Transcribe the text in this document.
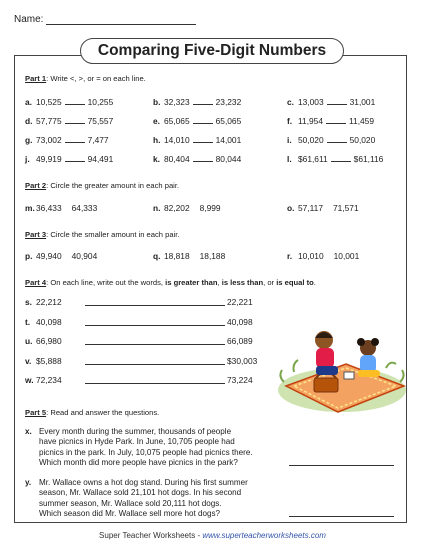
Name:
Comparing Five-Digit Numbers
Part 1: Write <, >, or = on each line.
a. 10,525	10,255	b. 32,323	23,232	c. 13,003	31,001
d. 57,775	75,557	e. 65,065	65,065	f. 11,954	11,459
g. 73,002	7,477	h. 14,010	14,001	i. 50,020	50,020
j. 49,919	94,491	k. 80,404	80,044	l. $61,611	$61,116
Part 2: Circle the greater amount in each pair.
m.36,433 64,333	n. 82,202 8,999	o. 57,117 71,571
Part 3: Circle the smaller amount in each pair.
p. 49,940 40,904	q. 18,818 18,188	r. 10,010 10,001
Part 4: On each line, write out the words, is greater than, is less than, or is equal to.
s. 22,212	22,221
t. 40,098	40,098
u. 66,980	66,089
v. $5,888	$30,003
w. 72,234	73,224
Part 5: Read and answer the questions.
x. Every month during the summer, thousands of people
have picnics in Hyde Park. In June, 10,705 people had
picnics in the park. In July, 10,075 people had picnics there.
Which month did more people have picnics in the park?
y. Mr. Wallace owns a hot dog stand. During his first summer
season, Mr. Wallace sold 21,101 hot dogs. In his second
summer season, Mr. Wallace sold 20,111 hot dogs.
Which season did Mr. Wallace sell more hot dogs?
Super Teacher Worksheets - www.superteacherworksheets.com
